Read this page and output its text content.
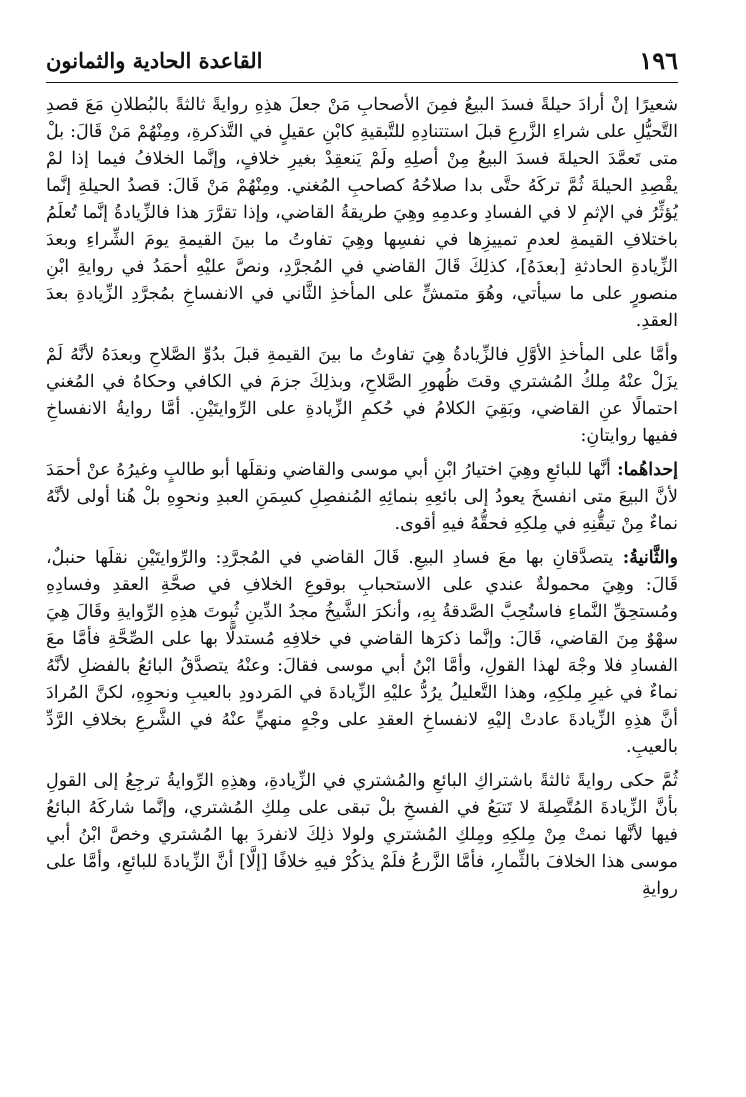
١٩٦
القاعدة الحادية والثمانون

شعيرًا إنْ أرادَ حيلةً فسدَ البيعُ فمِنَ الأصحابِ مَنْ جعلَ هذِهِ روايةً ثالثةً بالبُطلانِ مَعَ قصدِ التَّحيُّلِ على شراءِ الزَّرعِ قبلَ استتنادِهِ للتَّبقيةِ كابْنِ عقيلٍ في التَّذكرةِ، ومِنْهُمْ مَنْ قَالَ: بلْ متى تَعمَّدَ الحيلةَ فسدَ البيعُ مِنْ أصلِهِ ولَمْ يَنعقِدْ بغيرِ خلافٍ، وإنَّما الخلافُ فيما إذا لمْ يقْصِدِ الحيلةَ ثُمَّ تركَهُ حتَّى بدا صلاحُهُ كصاحبِ المُغني. ومِنْهُمْ مَنْ قَالَ: قصدُ الحيلةِ إنَّما يُؤثِّرُ في الإثمِ لا في الفسادِ وعدمِهِ وهِيَ طريقةُ القاضي، وإذا تقرَّرَ هذا فالزِّيادةُ إنَّما تُعلَمُ باختلافِ القيمةِ لعدمِ تمييزِها في نفسِها وهِيَ تفاوتُ ما بينَ القيمةِ يومَ الشِّراءِ وبعدَ الزِّيادةِ الحادثةِ [بعدَهُ]، كذلِكَ قَالَ القاضي في المُجرَّدِ، ونصَّ عليْهِ أحمَدُ في روايةِ ابْنِ منصورٍ على ما سيأتي، وهُوَ متمشٍّ على المأخذِ الثَّاني في الانفساخِ بمُجرَّدِ الزِّيادةِ بعدَ العقدِ.

وأمَّا على المأخذِ الأوَّلِ فالزِّيادةُ هِيَ تفاوتُ ما بينَ القيمةِ قبلَ بدُوِّ الصَّلاحِ وبعدَهُ لأنَّهُ لَمْ يزَلْ عنْهُ مِلكُ المُشتري وقتَ ظُهورِ الصَّلاحِ، وبذلِكَ جزمَ في الكافي وحكاهُ في المُغني احتمالًا عنِ القاضي، وبَقِيَ الكلامُ في حُكمِ الزِّيادةِ على الرِّوايتَيْنِ. أمَّا روايةُ الانفساخِ ففيها روايتانِ:

إحداهُما: أنَّها للبائعِ وهِيَ اختيارُ ابْنِ أبي موسى والقاضي ونقلَها أبو طالبٍ وغيرُهُ عنْ أحمَدَ لأنَّ البيعَ متى انفسخَ يعودُ إلى بائعِهِ بنمائِهِ المُنفصِلِ كسِمَنِ العبدِ ونحوِهِ بلْ هُنا أولى لأنَّهُ نماءٌ مِنْ تيقُّنِهِ في مِلكِهِ فحقُّهُ فيهِ أقوى.

والثَّانيةُ: يتصدَّقانِ بها معَ فسادِ البيعِ. قَالَ القاضي في المُجرَّدِ: والرِّوايتَيْنِ نقلَها حنبلٌ، قَالَ: وهِيَ محمولةٌ عندي على الاستحبابِ بوقوعِ الخلافِ في صحَّةِ العقدِ وفسادِهِ ومُستحِقِّ النَّماءِ فاستُحِبَّ الصَّدقةُ بِهِ، وأنكرَ الشَّيخُ مجدُ الدِّينِ ثُبوتَ هذِهِ الرِّوايةِ وقَالَ هِيَ سهْوٌ مِنَ القاضي، قَالَ: وإنَّما ذكرَها القاضي في خلافِهِ مُستدلًّا بها على الصِّحَّةِ فأمَّا معَ الفسادِ فلا وجْهَ لهذا القولِ، وأمَّا ابْنُ أبي موسى فقالَ: وعنْهُ يتصدَّقُ البائعُ بالفضلِ لأنَّهُ نماءٌ في غيرِ مِلكِهِ، وهذا التَّعليلُ يرُدُّ عليْهِ الزِّيادةَ في المَردودِ بالعيبِ ونحوِهِ، لكنَّ المُرادَ أنَّ هذِهِ الزِّيادةَ عادتْ إليْهِ لانفساخِ العقدِ على وجْهٍ منهيٍّ عنْهُ في الشَّرعِ بخلافِ الرَّدِّ بالعيبِ.

ثُمَّ حكى روايةً ثالثةً باشتراكِ البائعِ والمُشتري في الزِّيادةِ، وهذِهِ الرِّوايةُ ترجِعُ إلى القولِ بأنَّ الزِّيادةَ المُتَّصِلةَ لا تَتبَعُ في الفسخِ بلْ تبقى على مِلكِ المُشتري، وإنَّما شاركَهُ البائعُ فيها لأنَّها نمتْ مِنْ مِلكِهِ ومِلكِ المُشتري ولولا ذلِكَ لانفردَ بها المُشتري وخصَّ ابْنُ أبي موسى هذا الخلافَ بالثِّمارِ، فأمَّا الزَّرعُ فلَمْ يذكُرْ فيهِ خلافًا [إلَّا] أنَّ الزِّيادةَ للبائعِ، وأمَّا على روايةِ
